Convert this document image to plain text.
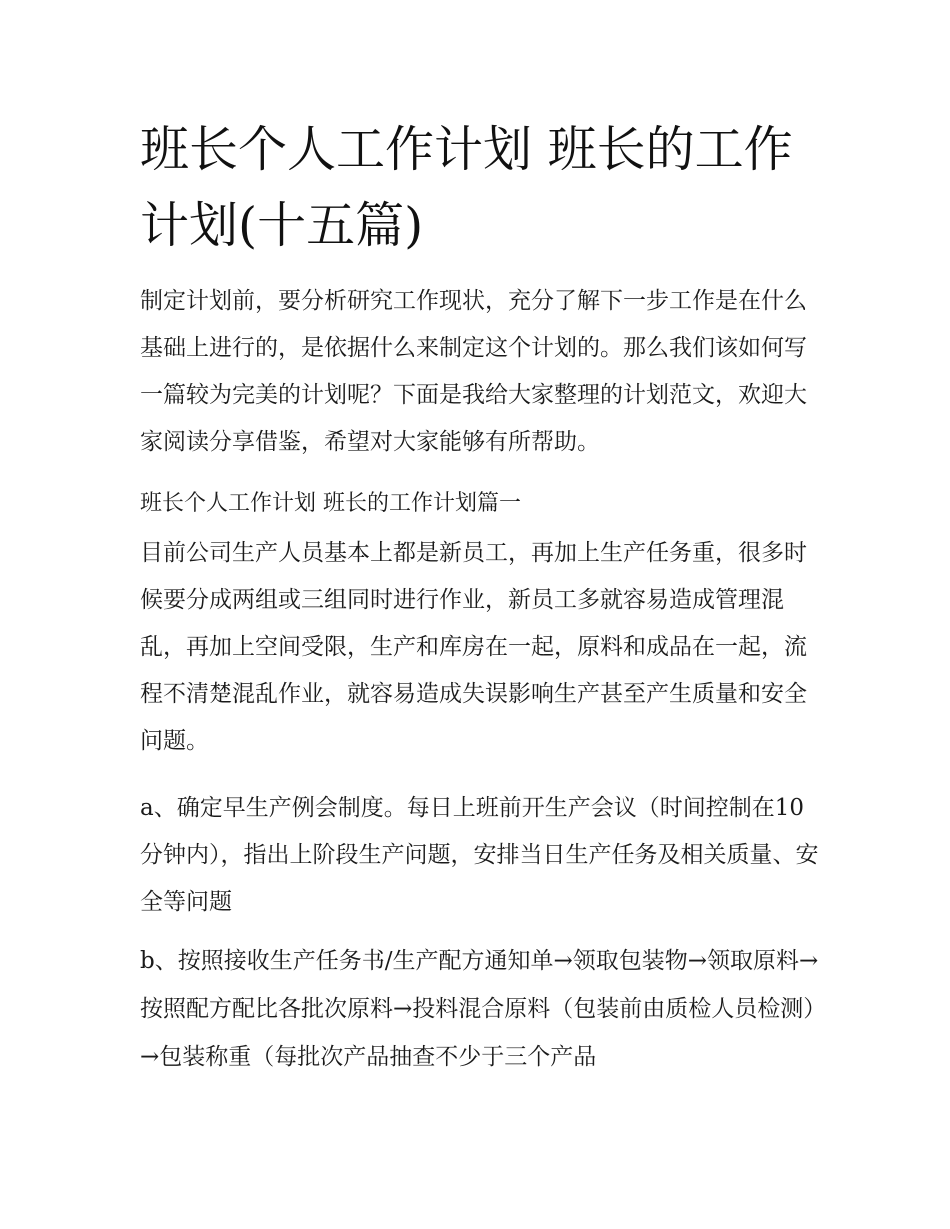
班长个人工作计划 班长的工作计划(十五篇)

制定计划前，要分析研究工作现状，充分了解下一步工作是在什么基础上进行的，是依据什么来制定这个计划的。那么我们该如何写一篇较为完美的计划呢？下面是我给大家整理的计划范文，欢迎大家阅读分享借鉴，希望对大家能够有所帮助。

班长个人工作计划 班长的工作计划篇一

目前公司生产人员基本上都是新员工，再加上生产任务重，很多时候要分成两组或三组同时进行作业，新员工多就容易造成管理混乱，再加上空间受限，生产和库房在一起，原料和成品在一起，流程不清楚混乱作业，就容易造成失误影响生产甚至产生质量和安全问题。

a、确定早生产例会制度。每日上班前开生产会议（时间控制在10分钟内），指出上阶段生产问题，安排当日生产任务及相关质量、安全等问题

b、按照接收生产任务书/生产配方通知单→领取包装物→领取原料→按照配方配比各批次原料→投料混合原料（包装前由质检人员检测）→包装称重（每批次产品抽查不少于三个产品
